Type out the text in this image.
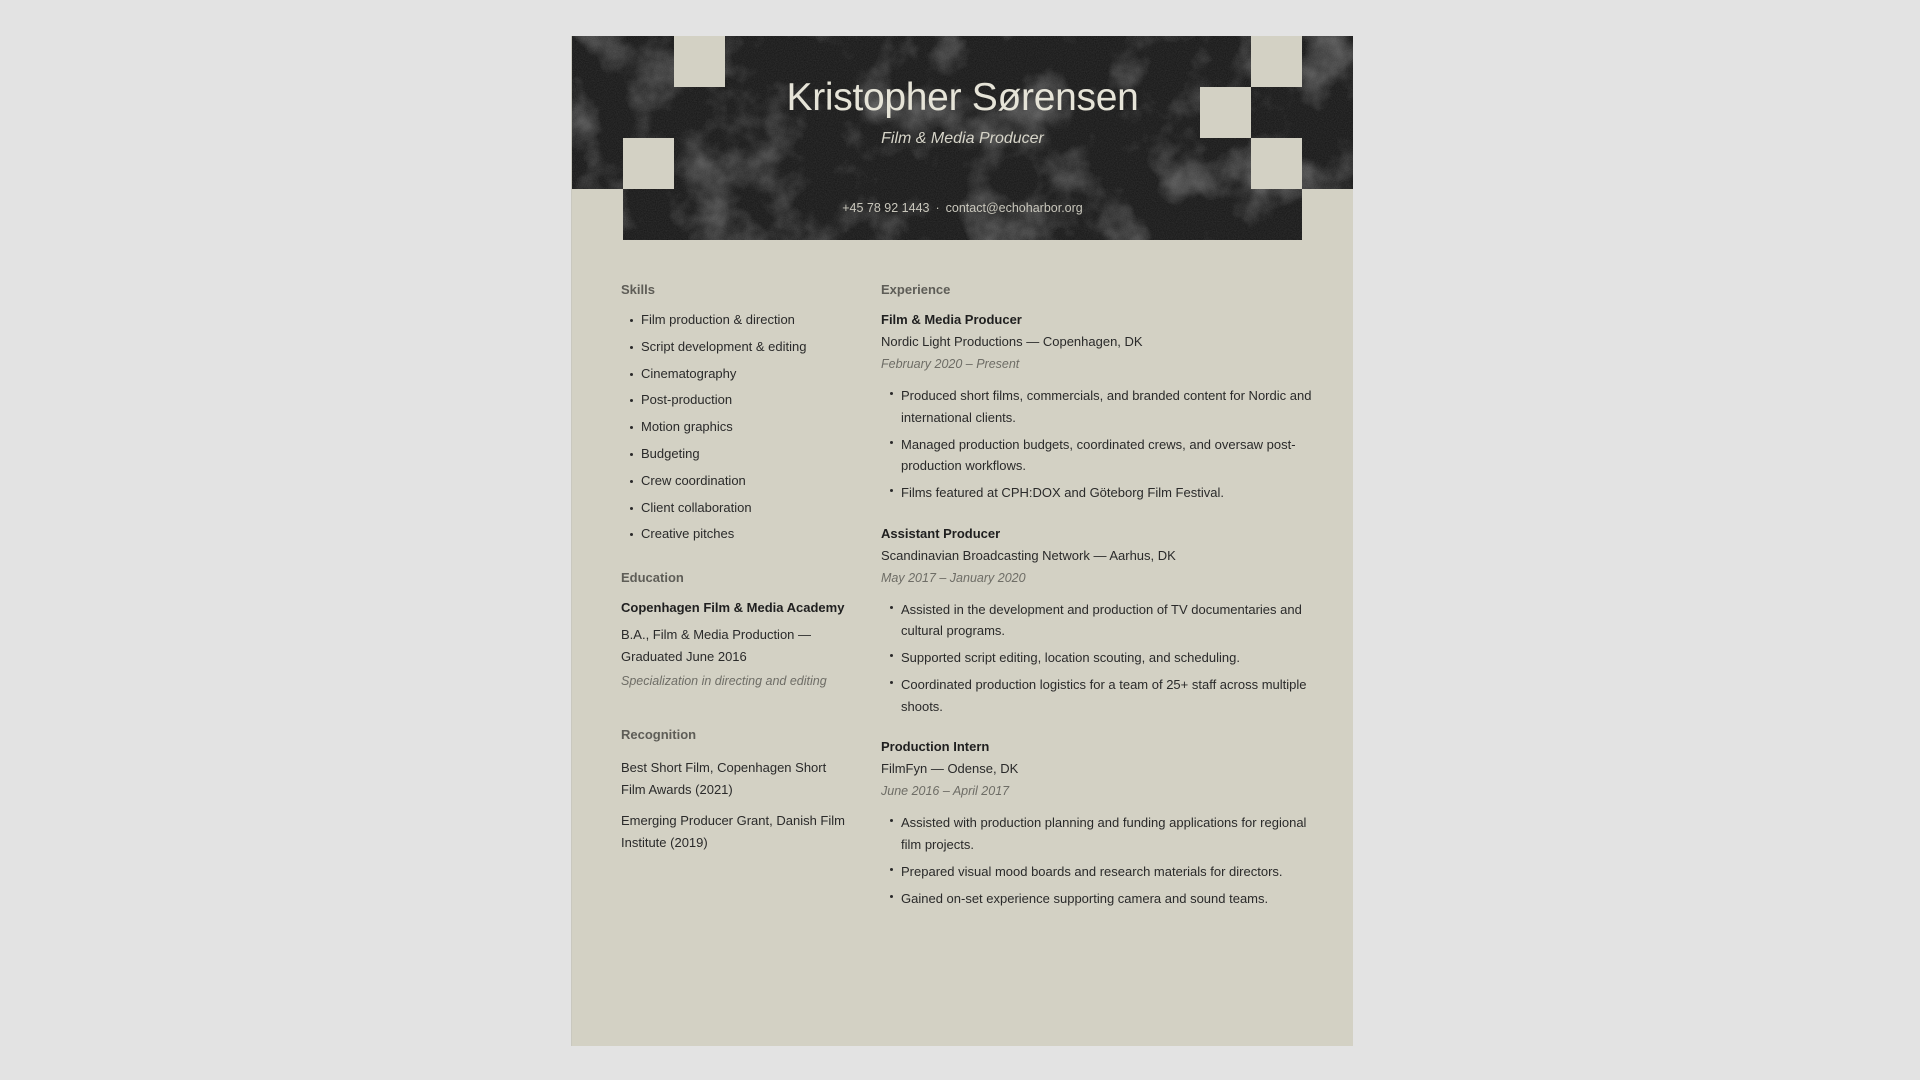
Kristopher Sørensen
Film & Media Producer
+45 78 92 1443 · contact@echoharbor.org
Skills
Film production & direction
Script development & editing
Cinematography
Post-production
Motion graphics
Budgeting
Crew coordination
Client collaboration
Creative pitches
Education
Copenhagen Film & Media Academy
B.A., Film & Media Production — Graduated June 2016
Specialization in directing and editing
Recognition
Best Short Film, Copenhagen Short Film Awards (2021)
Emerging Producer Grant, Danish Film Institute (2019)
Experience
Film & Media Producer
Nordic Light Productions — Copenhagen, DK
February 2020 – Present
Produced short films, commercials, and branded content for Nordic and international clients.
Managed production budgets, coordinated crews, and oversaw post-production workflows.
Films featured at CPH:DOX and Göteborg Film Festival.
Assistant Producer
Scandinavian Broadcasting Network — Aarhus, DK
May 2017 – January 2020
Assisted in the development and production of TV documentaries and cultural programs.
Supported script editing, location scouting, and scheduling.
Coordinated production logistics for a team of 25+ staff across multiple shoots.
Production Intern
FilmFyn — Odense, DK
June 2016 – April 2017
Assisted with production planning and funding applications for regional film projects.
Prepared visual mood boards and research materials for directors.
Gained on-set experience supporting camera and sound teams.
